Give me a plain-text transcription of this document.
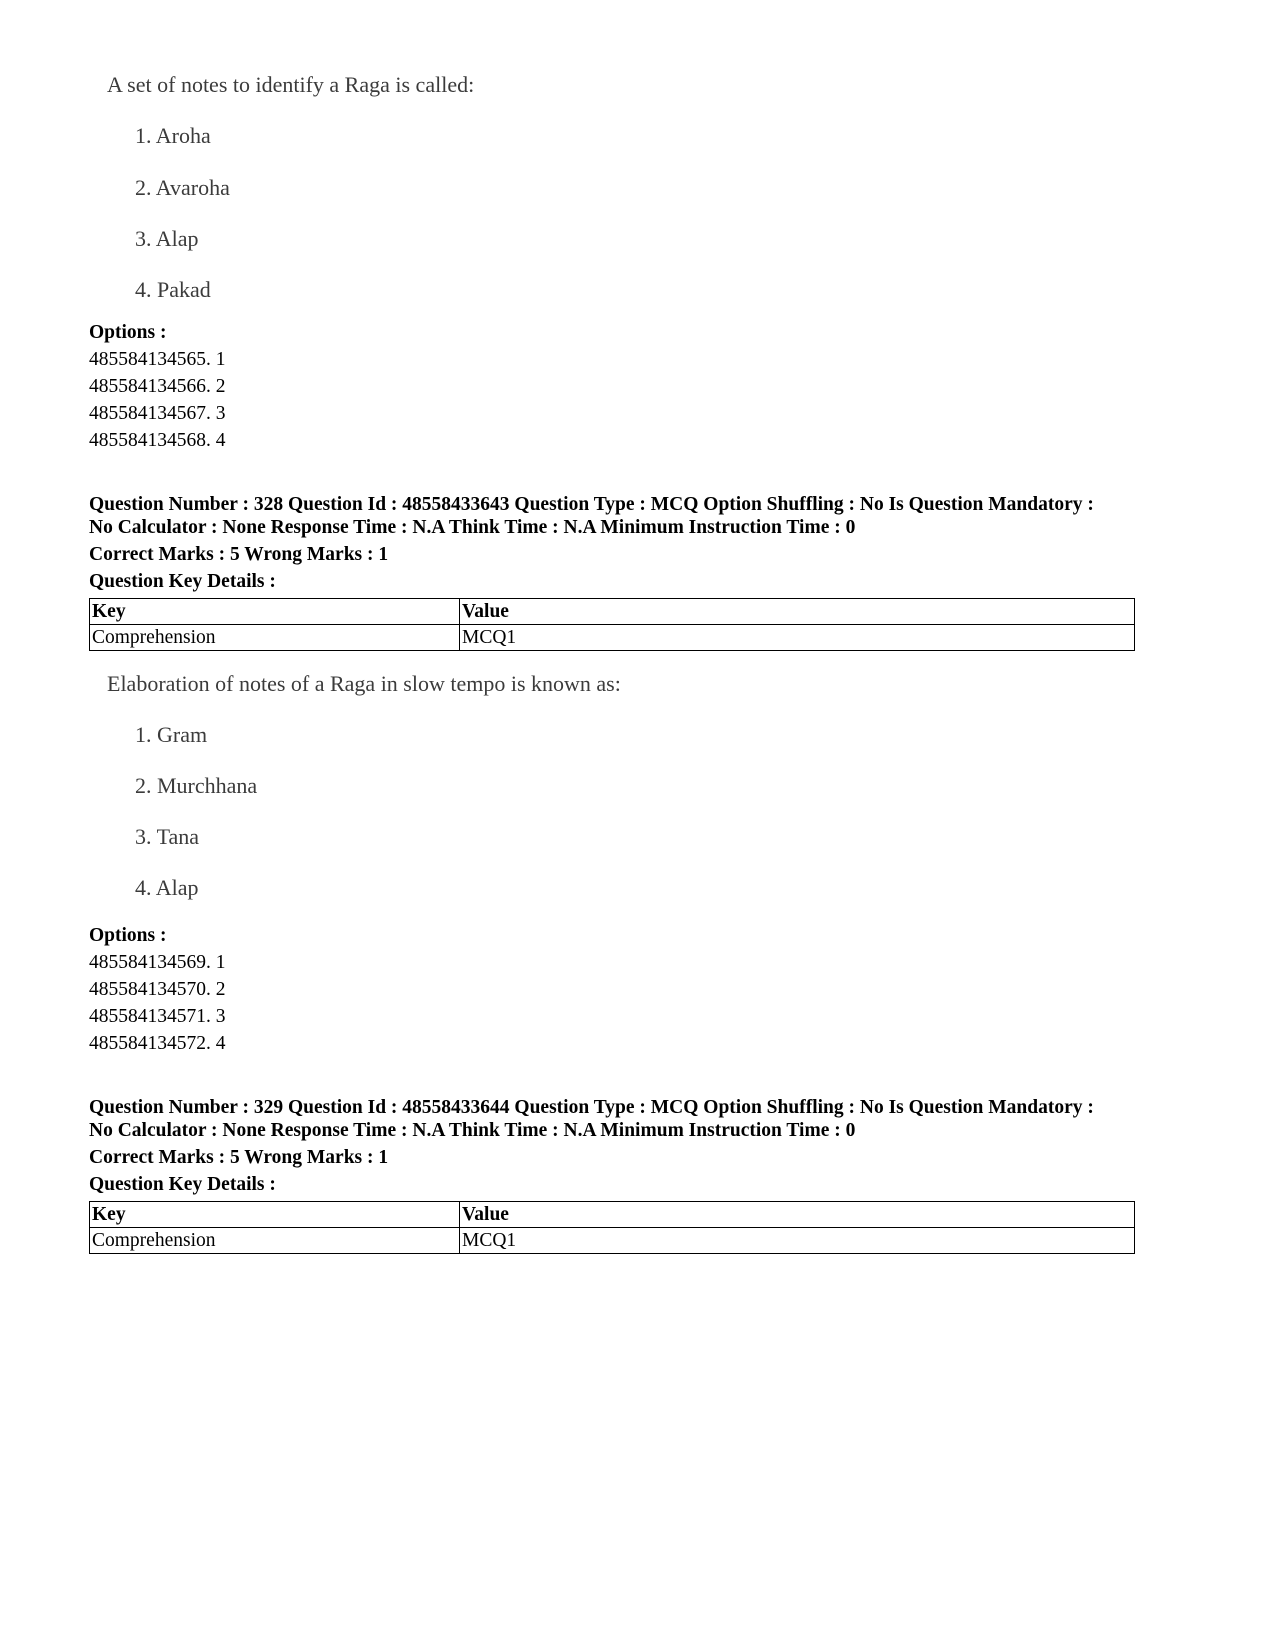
A set of notes to identify a Raga is called:
1. Aroha
2. Avaroha
3. Alap
4. Pakad
Options :
485584134565. 1
485584134566. 2
485584134567. 3
485584134568. 4
Question Number : 328 Question Id : 48558433643 Question Type : MCQ Option Shuffling : No Is Question Mandatory :
No Calculator : None Response Time : N.A Think Time : N.A Minimum Instruction Time : 0
Correct Marks : 5 Wrong Marks : 1
Question Key Details :
Key	Value
Comprehension	MCQ1
Elaboration of notes of a Raga in slow tempo is known as:
1. Gram
2. Murchhana
3. Tana
4. Alap
Options :
485584134569. 1
485584134570. 2
485584134571. 3
485584134572. 4
Question Number : 329 Question Id : 48558433644 Question Type : MCQ Option Shuffling : No Is Question Mandatory :
No Calculator : None Response Time : N.A Think Time : N.A Minimum Instruction Time : 0
Correct Marks : 5 Wrong Marks : 1
Question Key Details :
Key	Value
Comprehension	MCQ1
